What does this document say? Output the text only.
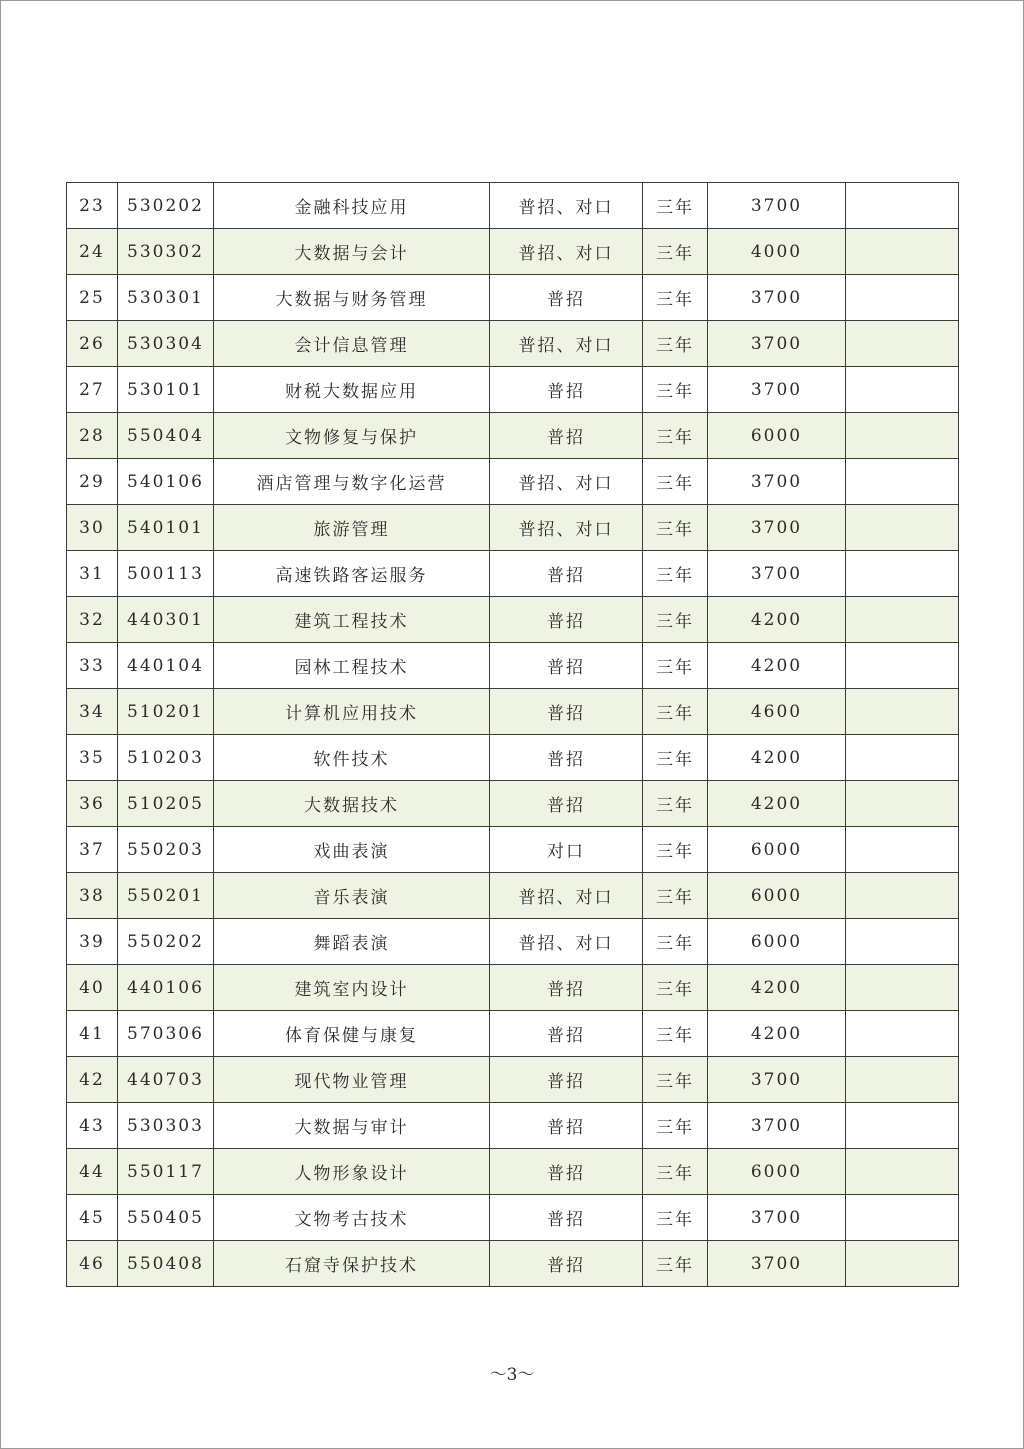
23	530202	金融科技应用	普招、对口	三年	3700	
24	530302	大数据与会计	普招、对口	三年	4000	
25	530301	大数据与财务管理	普招	三年	3700	
26	530304	会计信息管理	普招、对口	三年	3700	
27	530101	财税大数据应用	普招	三年	3700	
28	550404	文物修复与保护	普招	三年	6000	
29	540106	酒店管理与数字化运营	普招、对口	三年	3700	
30	540101	旅游管理	普招、对口	三年	3700	
31	500113	高速铁路客运服务	普招	三年	3700	
32	440301	建筑工程技术	普招	三年	4200	
33	440104	园林工程技术	普招	三年	4200	
34	510201	计算机应用技术	普招	三年	4600	
35	510203	软件技术	普招	三年	4200	
36	510205	大数据技术	普招	三年	4200	
37	550203	戏曲表演	对口	三年	6000	
38	550201	音乐表演	普招、对口	三年	6000	
39	550202	舞蹈表演	普招、对口	三年	6000	
40	440106	建筑室内设计	普招	三年	4200	
41	570306	体育保健与康复	普招	三年	4200	
42	440703	现代物业管理	普招	三年	3700	
43	530303	大数据与审计	普招	三年	3700	
44	550117	人物形象设计	普招	三年	6000	
45	550405	文物考古技术	普招	三年	3700	
46	550408	石窟寺保护技术	普招	三年	3700	
～3～
